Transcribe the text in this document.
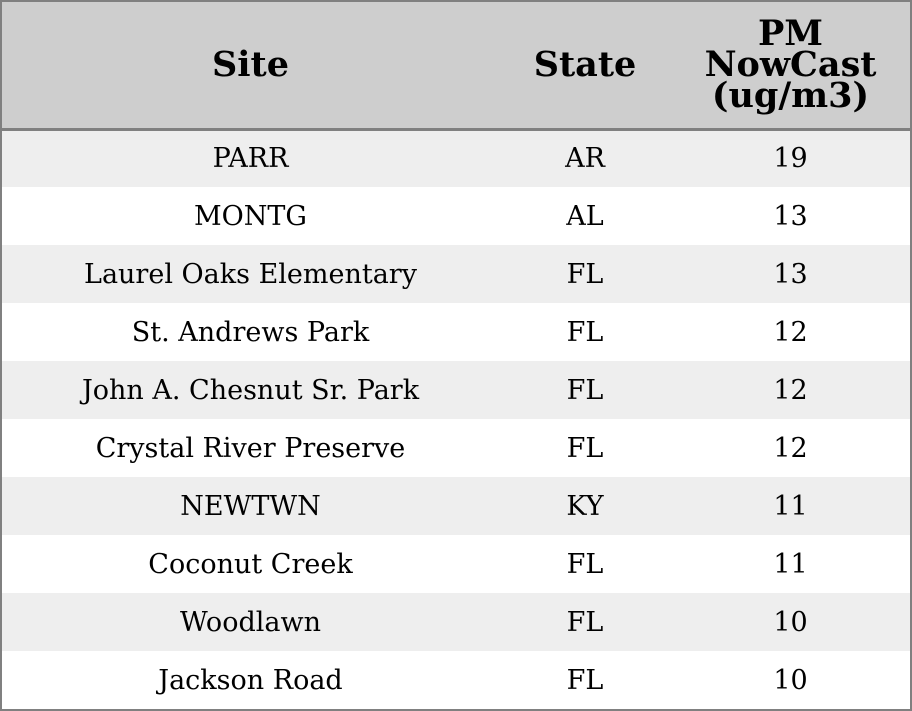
Site	State	PM
NowCast
(ug/m3)
PARR	AR	19
MONTG	AL	13
Laurel Oaks Elementary	FL	13
St. Andrews Park	FL	12
John A. Chesnut Sr. Park	FL	12
Crystal River Preserve	FL	12
NEWTWN	KY	11
Coconut Creek	FL	11
Woodlawn	FL	10
Jackson Road	FL	10
